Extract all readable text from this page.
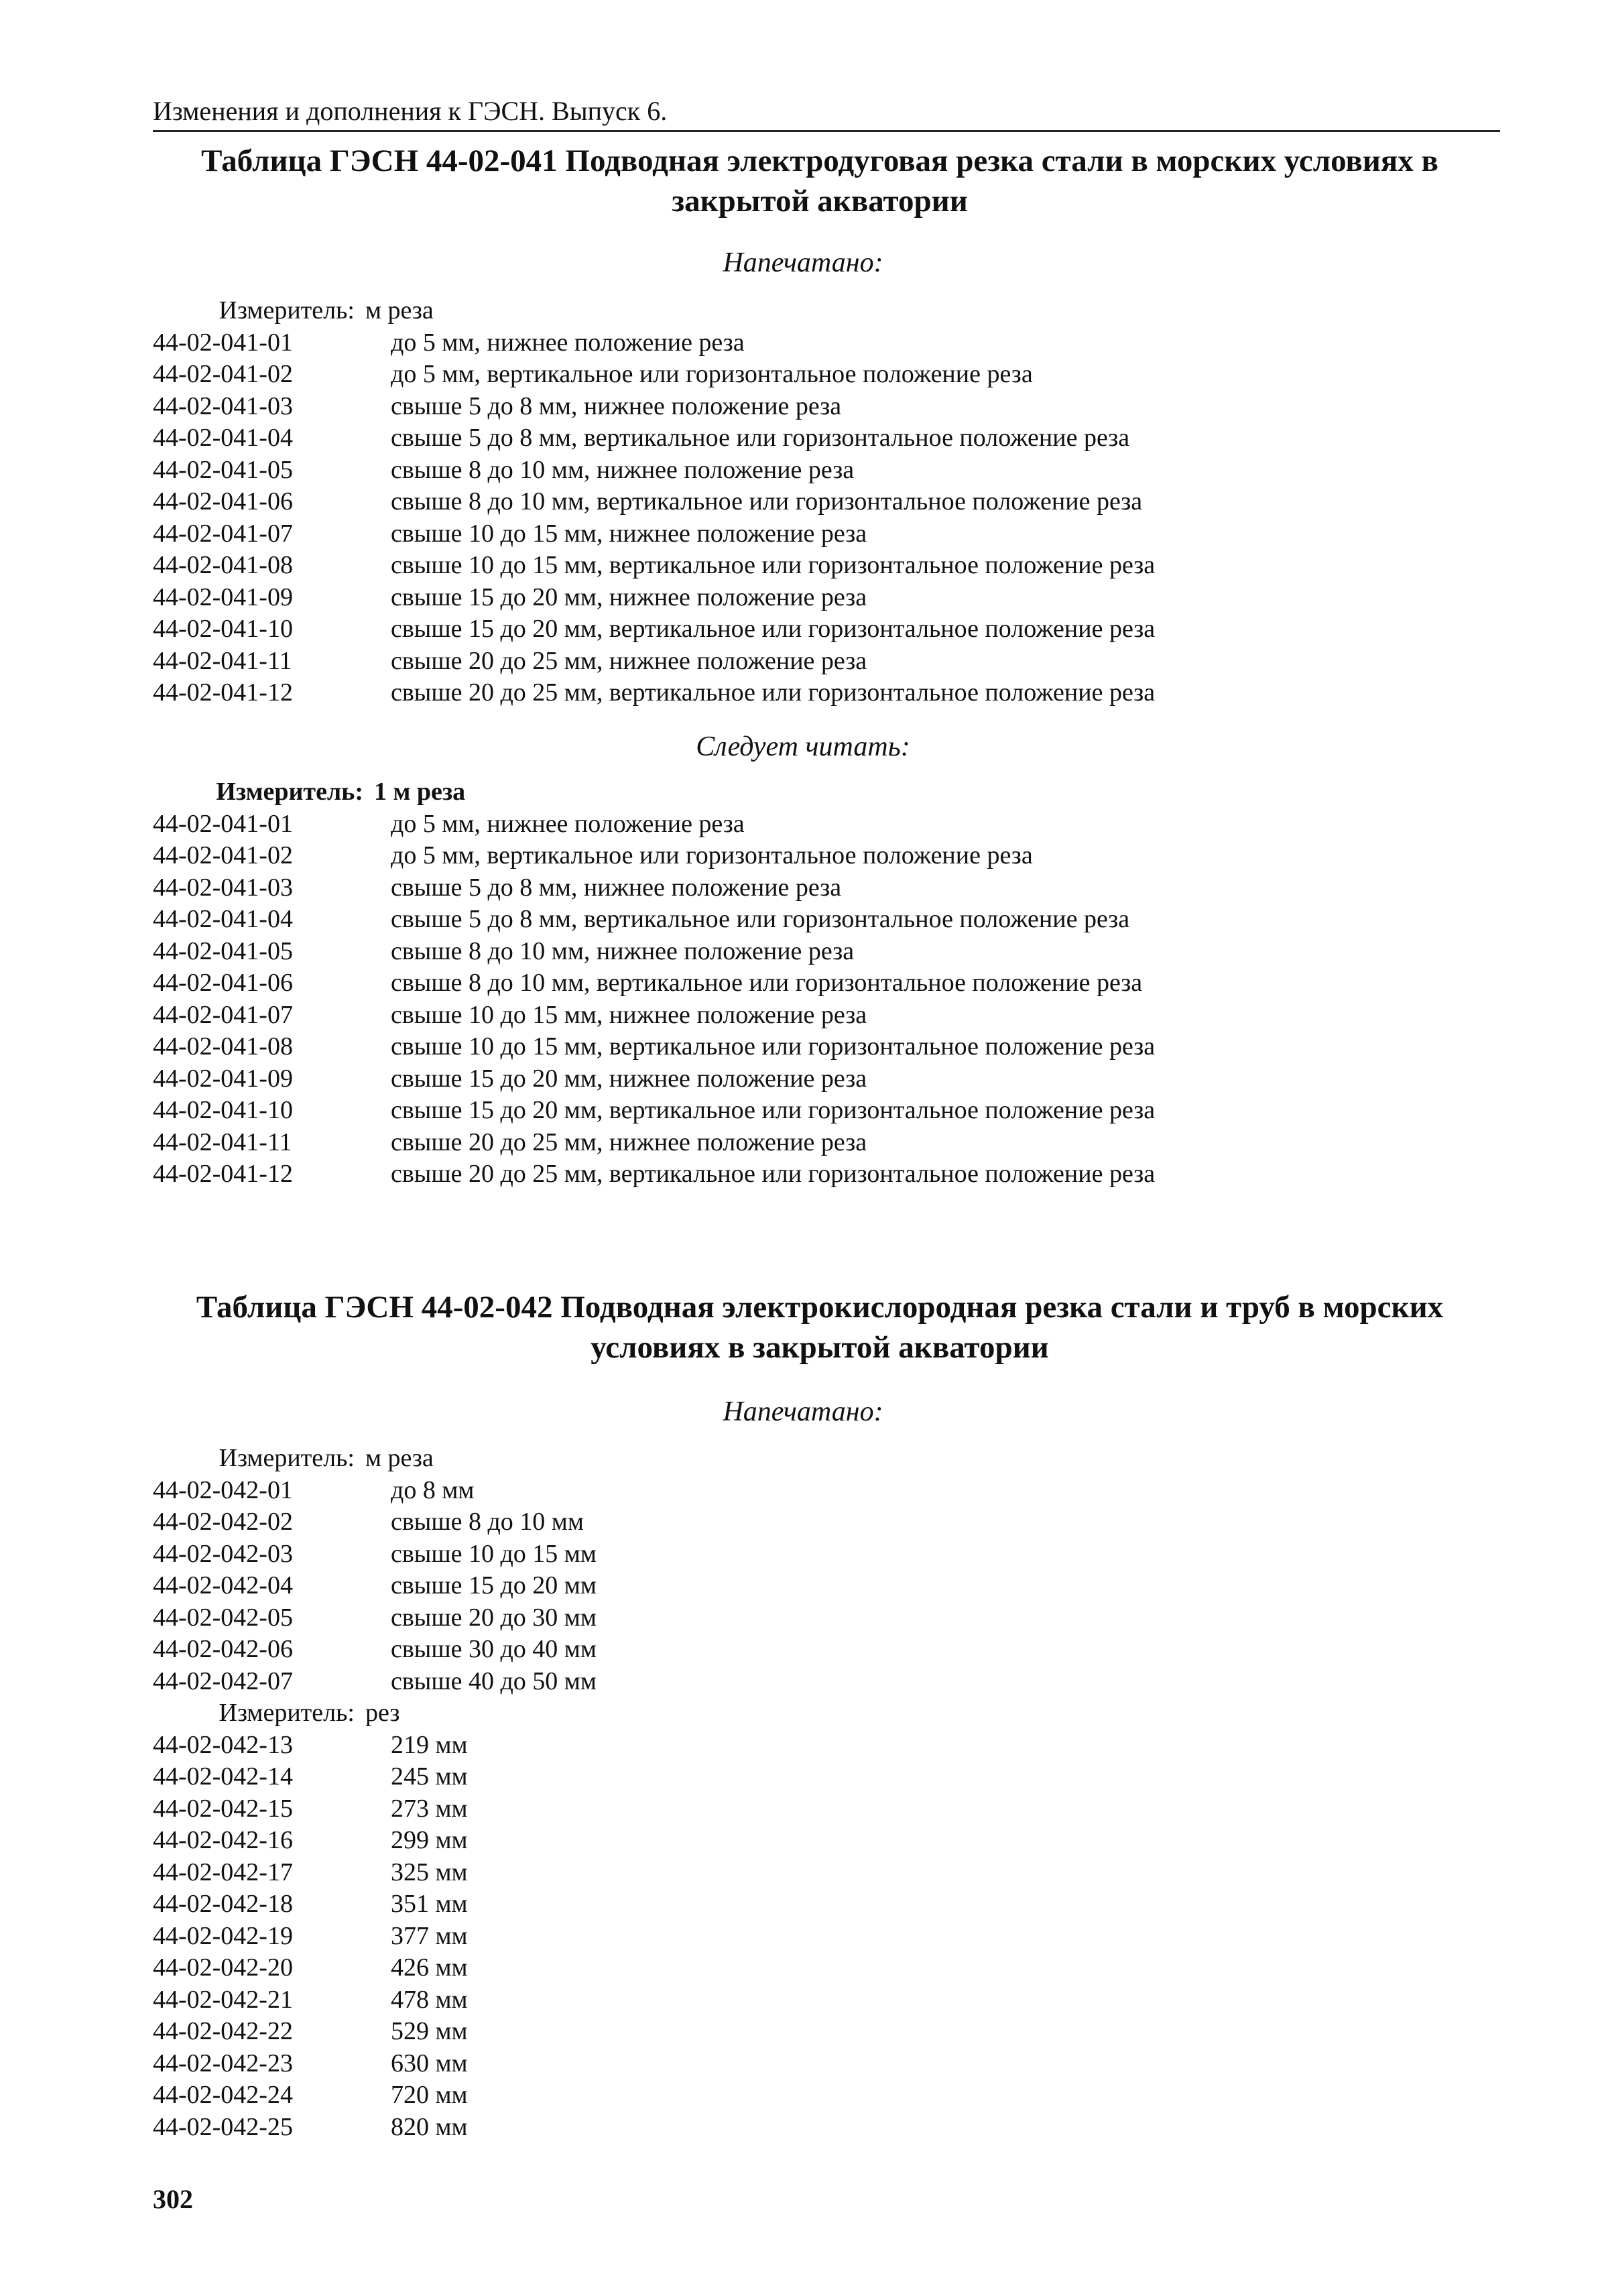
Изменения и дополнения к ГЭСН. Выпуск 6.
Таблица ГЭСН 44-02-041 Подводная электродуговая резка стали в морских условиях в
закрытой акватории
Напечатано:
Измеритель: м реза
44-02-041-01	до 5 мм, нижнее положение реза
44-02-041-02	до 5 мм, вертикальное или горизонтальное положение реза
44-02-041-03	свыше 5 до 8 мм, нижнее положение реза
44-02-041-04	свыше 5 до 8 мм, вертикальное или горизонтальное положение реза
44-02-041-05	свыше 8 до 10 мм, нижнее положение реза
44-02-041-06	свыше 8 до 10 мм, вертикальное или горизонтальное положение реза
44-02-041-07	свыше 10 до 15 мм, нижнее положение реза
44-02-041-08	свыше 10 до 15 мм, вертикальное или горизонтальное положение реза
44-02-041-09	свыше 15 до 20 мм, нижнее положение реза
44-02-041-10	свыше 15 до 20 мм, вертикальное или горизонтальное положение реза
44-02-041-11	свыше 20 до 25 мм, нижнее положение реза
44-02-041-12	свыше 20 до 25 мм, вертикальное или горизонтальное положение реза
Следует читать:
Измеритель: 1 м реза
44-02-041-01	до 5 мм, нижнее положение реза
44-02-041-02	до 5 мм, вертикальное или горизонтальное положение реза
44-02-041-03	свыше 5 до 8 мм, нижнее положение реза
44-02-041-04	свыше 5 до 8 мм, вертикальное или горизонтальное положение реза
44-02-041-05	свыше 8 до 10 мм, нижнее положение реза
44-02-041-06	свыше 8 до 10 мм, вертикальное или горизонтальное положение реза
44-02-041-07	свыше 10 до 15 мм, нижнее положение реза
44-02-041-08	свыше 10 до 15 мм, вертикальное или горизонтальное положение реза
44-02-041-09	свыше 15 до 20 мм, нижнее положение реза
44-02-041-10	свыше 15 до 20 мм, вертикальное или горизонтальное положение реза
44-02-041-11	свыше 20 до 25 мм, нижнее положение реза
44-02-041-12	свыше 20 до 25 мм, вертикальное или горизонтальное положение реза
Таблица ГЭСН 44-02-042 Подводная электрокислородная резка стали и труб в морских
условиях в закрытой акватории
Напечатано:
Измеритель: м реза
44-02-042-01	до 8 мм
44-02-042-02	свыше 8 до 10 мм
44-02-042-03	свыше 10 до 15 мм
44-02-042-04	свыше 15 до 20 мм
44-02-042-05	свыше 20 до 30 мм
44-02-042-06	свыше 30 до 40 мм
44-02-042-07	свыше 40 до 50 мм
Измеритель: рез
44-02-042-13	219 мм
44-02-042-14	245 мм
44-02-042-15	273 мм
44-02-042-16	299 мм
44-02-042-17	325 мм
44-02-042-18	351 мм
44-02-042-19	377 мм
44-02-042-20	426 мм
44-02-042-21	478 мм
44-02-042-22	529 мм
44-02-042-23	630 мм
44-02-042-24	720 мм
44-02-042-25	820 мм
302
